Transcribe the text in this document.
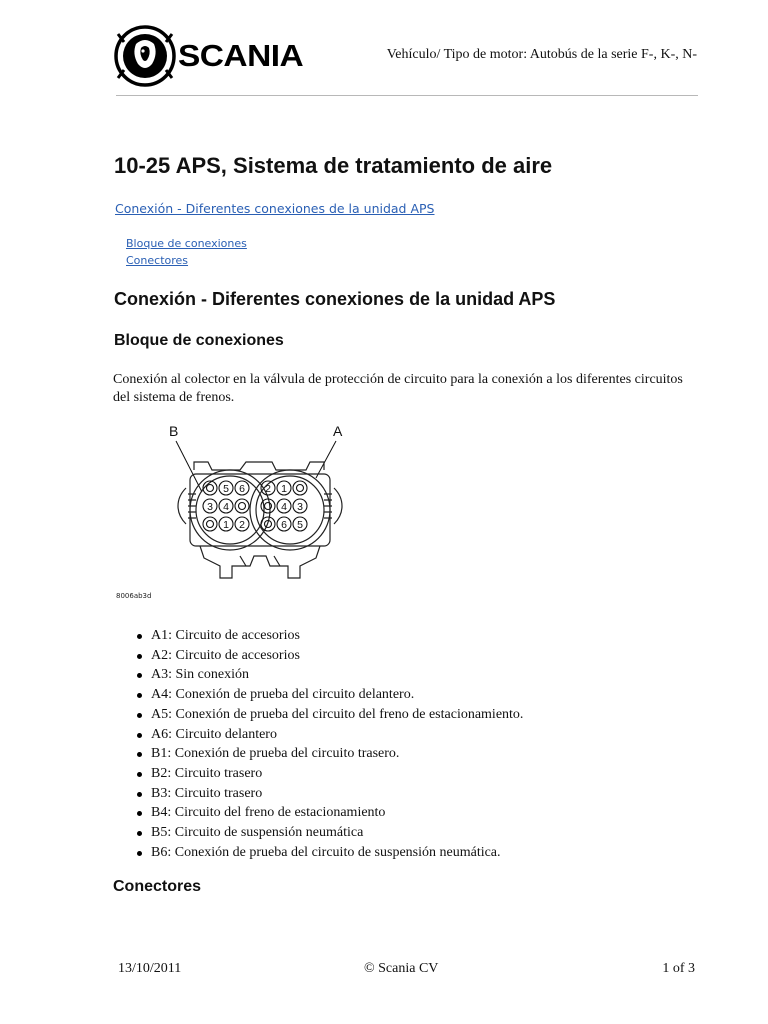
SCANIA	Vehículo/ Tipo de motor: Autobús de la serie F-, K-, N-
10-25 APS, Sistema de tratamiento de aire
Conexión - Diferentes conexiones de la unidad APS
Bloque de conexiones
Conectores
Conexión - Diferentes conexiones de la unidad APS
Bloque de conexiones

Conexión al colector en la válvula de protección de circuito para la conexión a los diferentes circuitos del sistema de frenos.

B	A
5 6
3 4
1 2
2 1
4 3
6 5
8006ab3d
A1: Circuito de accesorios
A2: Circuito de accesorios
A3: Sin conexión
A4: Conexión de prueba del circuito delantero.
A5: Conexión de prueba del circuito del freno de estacionamiento.
A6: Circuito delantero
B1: Conexión de prueba del circuito trasero.
B2: Circuito trasero
B3: Circuito trasero
B4: Circuito del freno de estacionamiento
B5: Circuito de suspensión neumática
B6: Conexión de prueba del circuito de suspensión neumática.
Conectores
13/10/2011	© Scania CV	1 of 3
